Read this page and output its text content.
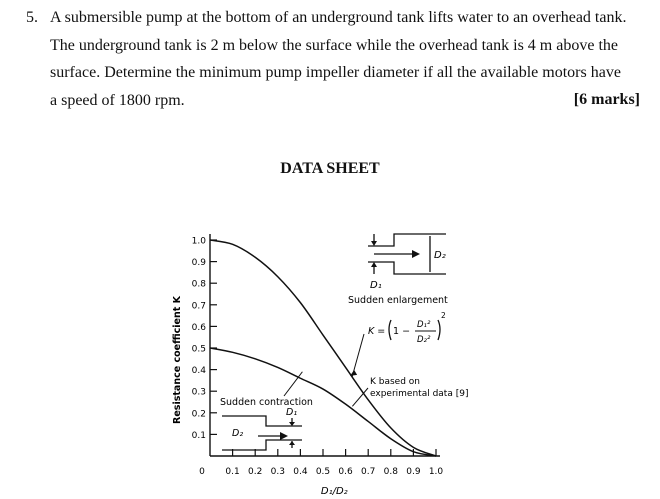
5. A submersible pump at the bottom of an underground tank lifts water to an overhead tank.
The underground tank is 2 m below the surface while the overhead tank is 4 m above the
surface. Determine the minimum pump impeller diameter if all the available motors have
a speed of 1800 rpm.	[6 marks]
DATA SHEET
0.1
0.2
0.3
0.4
0.5
0.6
0.7
0.8
0.9
1.0
0 0.1 0.2 0.3 0.4 0.5 0.6 0.7 0.8 0.9 1.0
D₁
D₂
D₁
D₂
D₁/D₂
Resistance coefficient K	Sudden enlargement
K = 1 −
D₁²
D₂²
2
K based on
experimental data [9]
Sudden contraction
